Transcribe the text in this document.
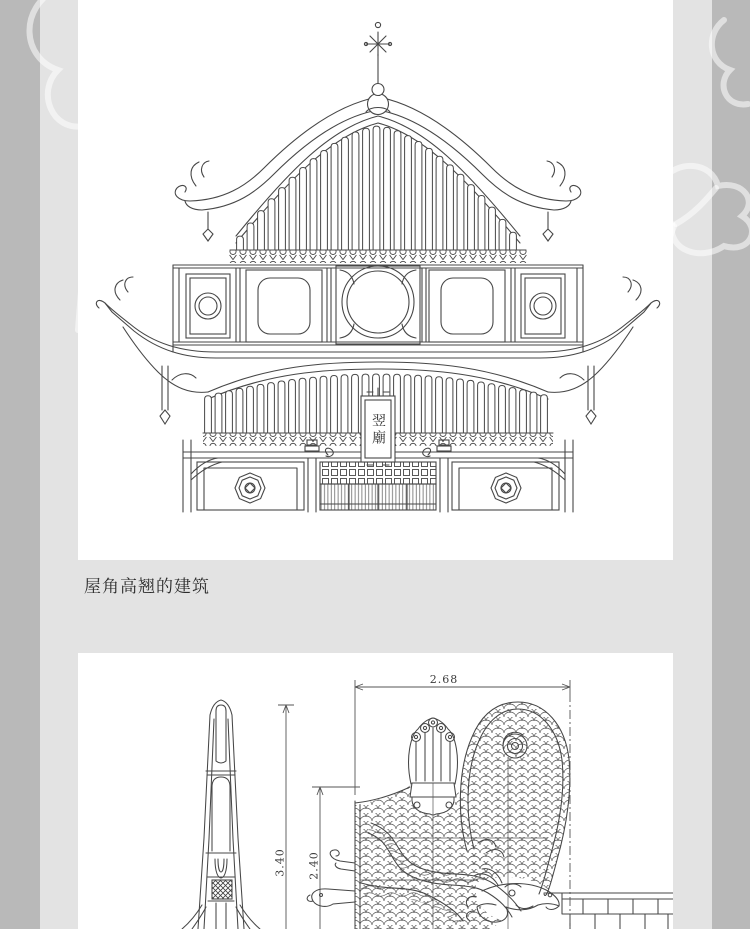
翌廟
屋角高翘的建筑
2.68
3.40 2.40
